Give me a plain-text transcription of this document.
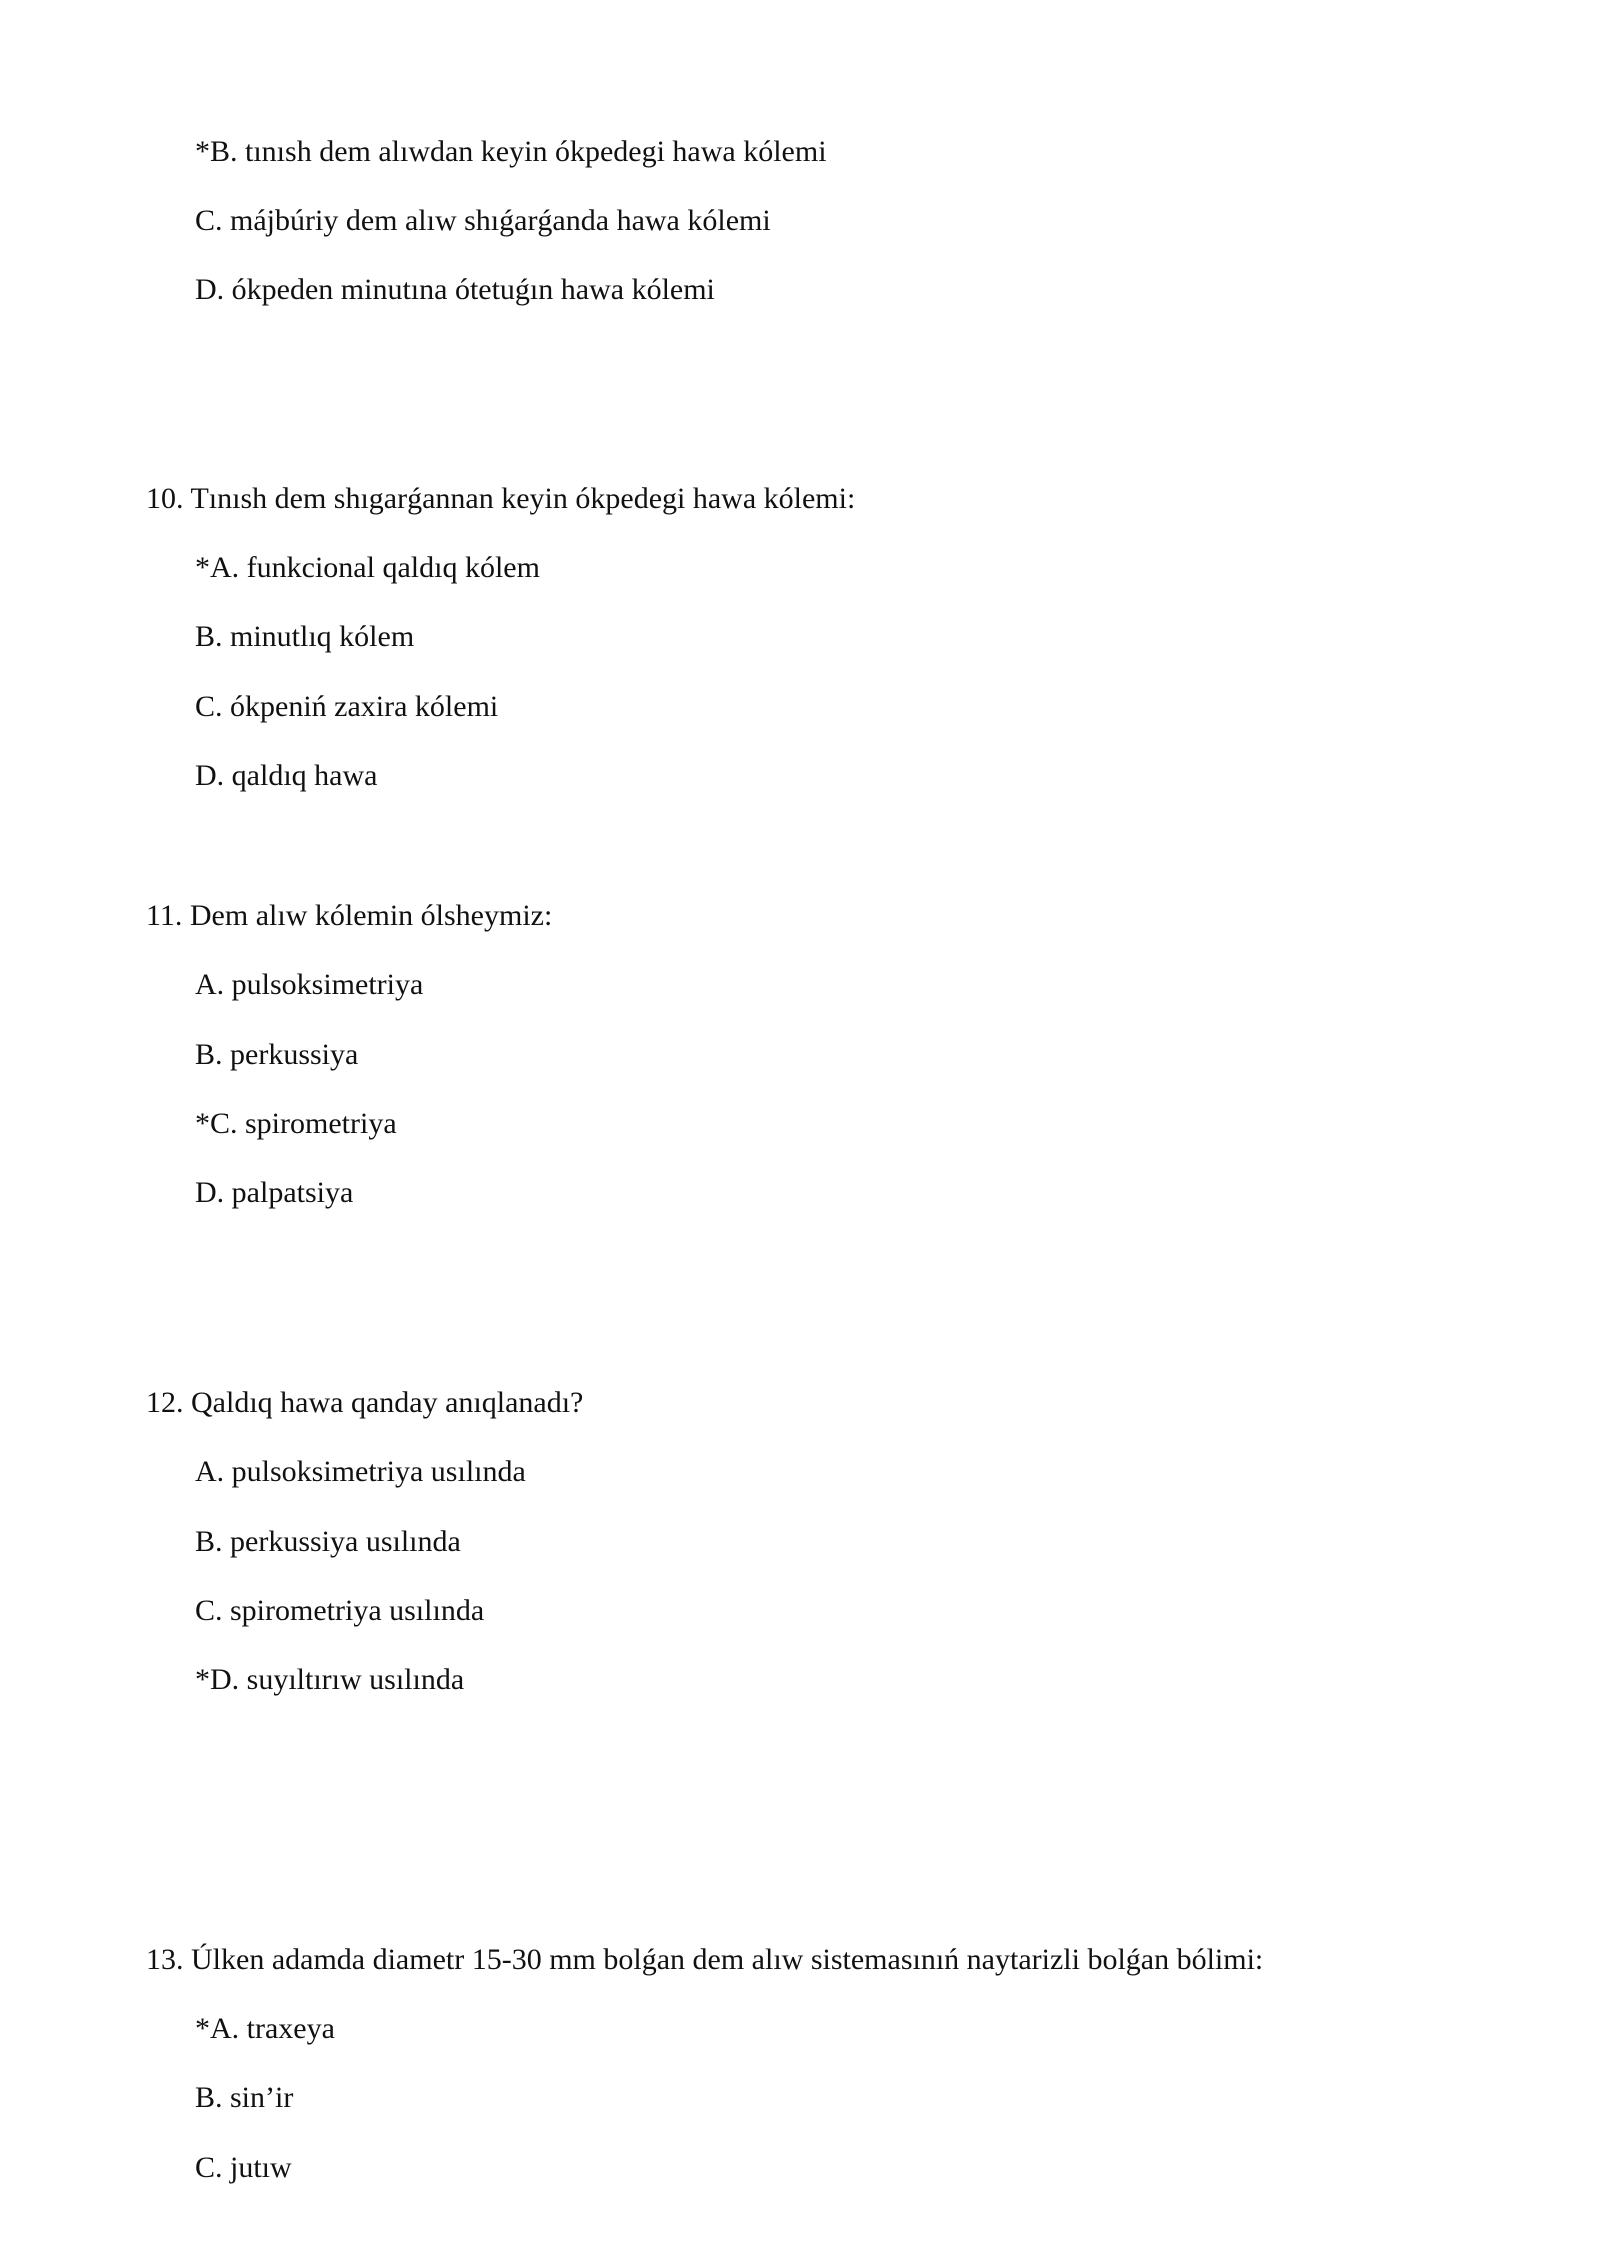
*B. tınısh dem alıwdan keyin ókpedegi hawa kólemi
C. májbúriy dem alıw shıǵarǵanda hawa kólemi
D. ókpeden minutına ótetuǵın hawa kólemi
10. Tınısh dem shıgarǵannan keyin ókpedegi hawa kólemi:
*A. funkcional qaldıq kólem
B. minutlıq kólem
C. ókpeniń zaxira kólemi
D. qaldıq hawa
11. Dem alıw kólemin ólsheymiz:
A. pulsoksimetriya
B. perkussiya
*C. spirometriya
D. palpatsiya
12. Qaldıq hawa qanday anıqlanadı?
A. pulsoksimetriya usılında
B. perkussiya usılında
C. spirometriya usılında
*D. suyıltırıw usılında
13. Úlken adamda diametr 15-30 mm bolǵan dem alıw sistemasınıń naytarizli bolǵan bólimi:
*A. traxeya
B. sin’ir
C. jutıw
